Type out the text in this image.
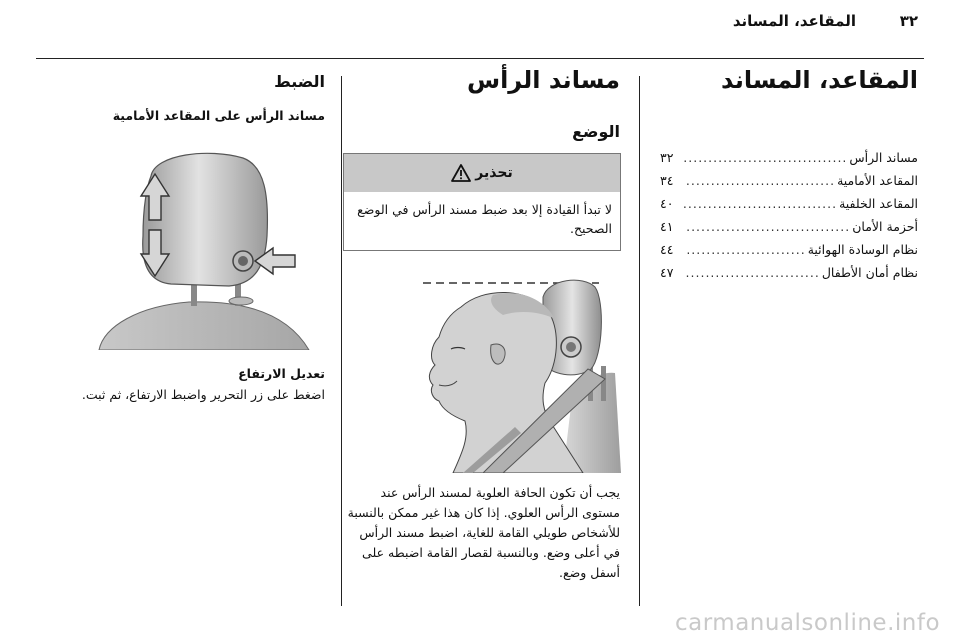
المقاعد، المساند	٣٢
المقاعد، المساند
مساند الرأس
.....
٣٢
المقاعد الأمامية
.....
٣٤
المقاعد الخلفية
.....
٤٠
أحزمة الأمان
.....
٤١
نظام الوسادة الهوائية
.....
٤٤
نظام أمان الأطفال
.....
٤٧
مساند الرأس
الوضع
تحذير
لا تبدأ القيادة إلا بعد ضبط مسند الرأس في الوضع الصحيح.
يجب أن تكون الحافة العلوية لمسند الرأس عند مستوى الرأس العلوي. إذا كان هذا غير ممكن بالنسبة للأشخاص طويلي القامة للغاية، اضبط مسند الرأس في أعلى وضع. وبالنسبة لقصار القامة اضبطه على أسفل وضع.
الضبط
مساند الرأس على المقاعد الأمامية
تعديل الارتفاع
اضغط على زر التحرير واضبط الارتفاع، ثم ثبت.
carmanualsonline.info
